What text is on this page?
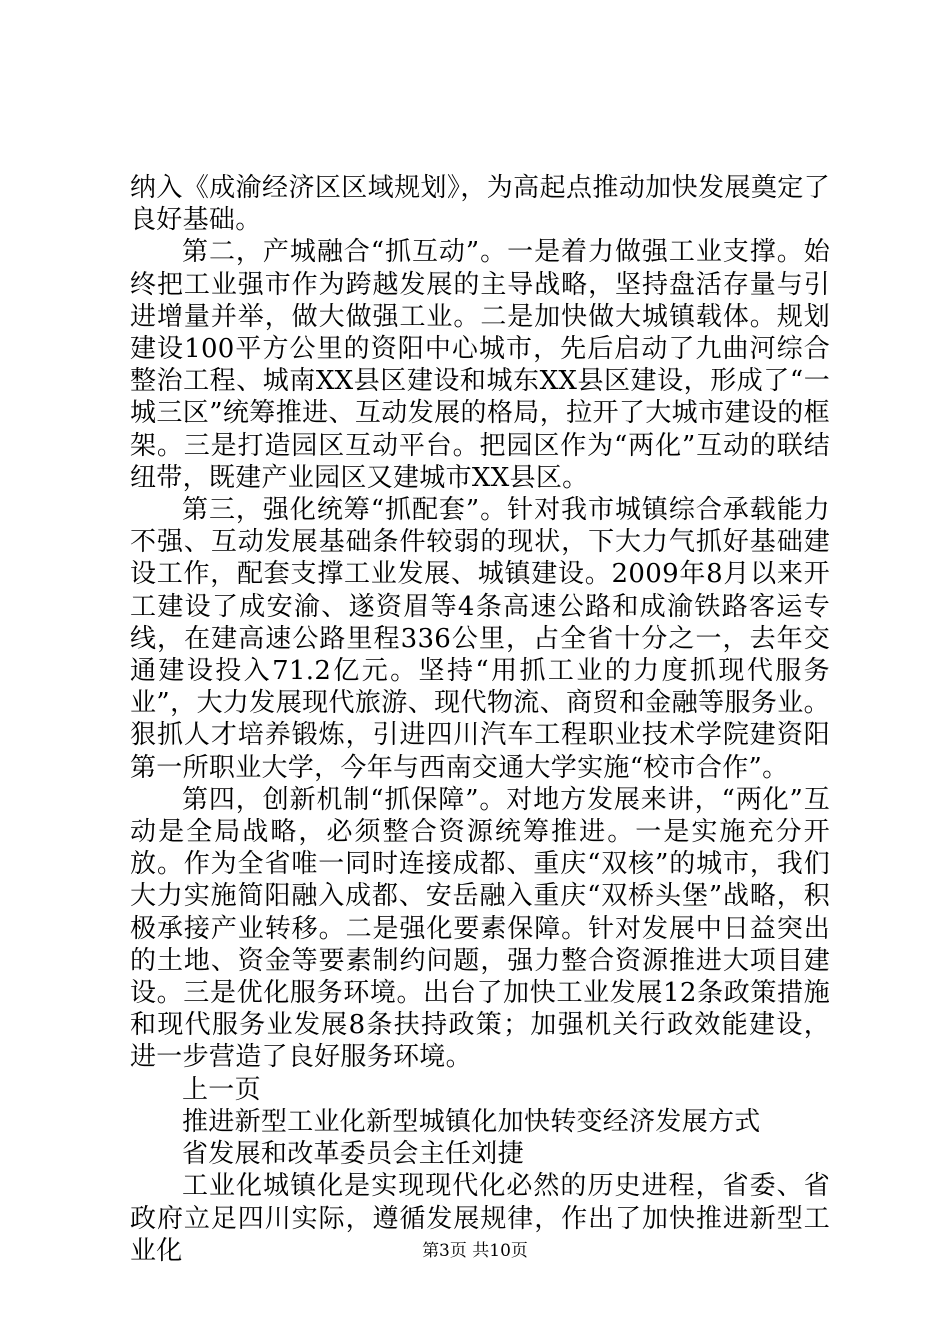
纳入《成渝经济区区域规划》，为高起点推动加快发展奠定了良好基础。

第二，产城融合“抓互动”。一是着力做强工业支撑。始终把工业强市作为跨越发展的主导战略，坚持盘活存量与引进增量并举，做大做强工业。二是加快做大城镇载体。规划建设100平方公里的资阳中心城市，先后启动了九曲河综合整治工程、城南XX县区建设和城东XX县区建设，形成了“一城三区”统筹推进、互动发展的格局，拉开了大城市建设的框架。三是打造园区互动平台。把园区作为“两化”互动的联结纽带，既建产业园区又建城市XX县区。

第三，强化统筹“抓配套”。针对我市城镇综合承载能力不强、互动发展基础条件较弱的现状，下大力气抓好基础建设工作，配套支撑工业发展、城镇建设。2009年8月以来开工建设了成安渝、遂资眉等4条高速公路和成渝铁路客运专线，在建高速公路里程336公里，占全省十分之一，去年交通建设投入71.2亿元。坚持“用抓工业的力度抓现代服务业”，大力发展现代旅游、现代物流、商贸和金融等服务业。狠抓人才培养锻炼，引进四川汽车工程职业技术学院建资阳第一所职业大学，今年与西南交通大学实施“校市合作”。

第四，创新机制“抓保障”。对地方发展来讲，“两化”互动是全局战略，必须整合资源统筹推进。一是实施充分开放。作为全省唯一同时连接成都、重庆“双核”的城市，我们大力实施简阳融入成都、安岳融入重庆“双桥头堡”战略，积极承接产业转移。二是强化要素保障。针对发展中日益突出的土地、资金等要素制约问题，强力整合资源推进大项目建设。三是优化服务环境。出台了加快工业发展12条政策措施和现代服务业发展8条扶持政策；加强机关行政效能建设，进一步营造了良好服务环境。

上一页

推进新型工业化新型城镇化加快转变经济发展方式

省发展和改革委员会主任刘捷

工业化城镇化是实现现代化必然的历史进程，省委、省政府立足四川实际，遵循发展规律，作出了加快推进新型工业化	第3页 共10页
